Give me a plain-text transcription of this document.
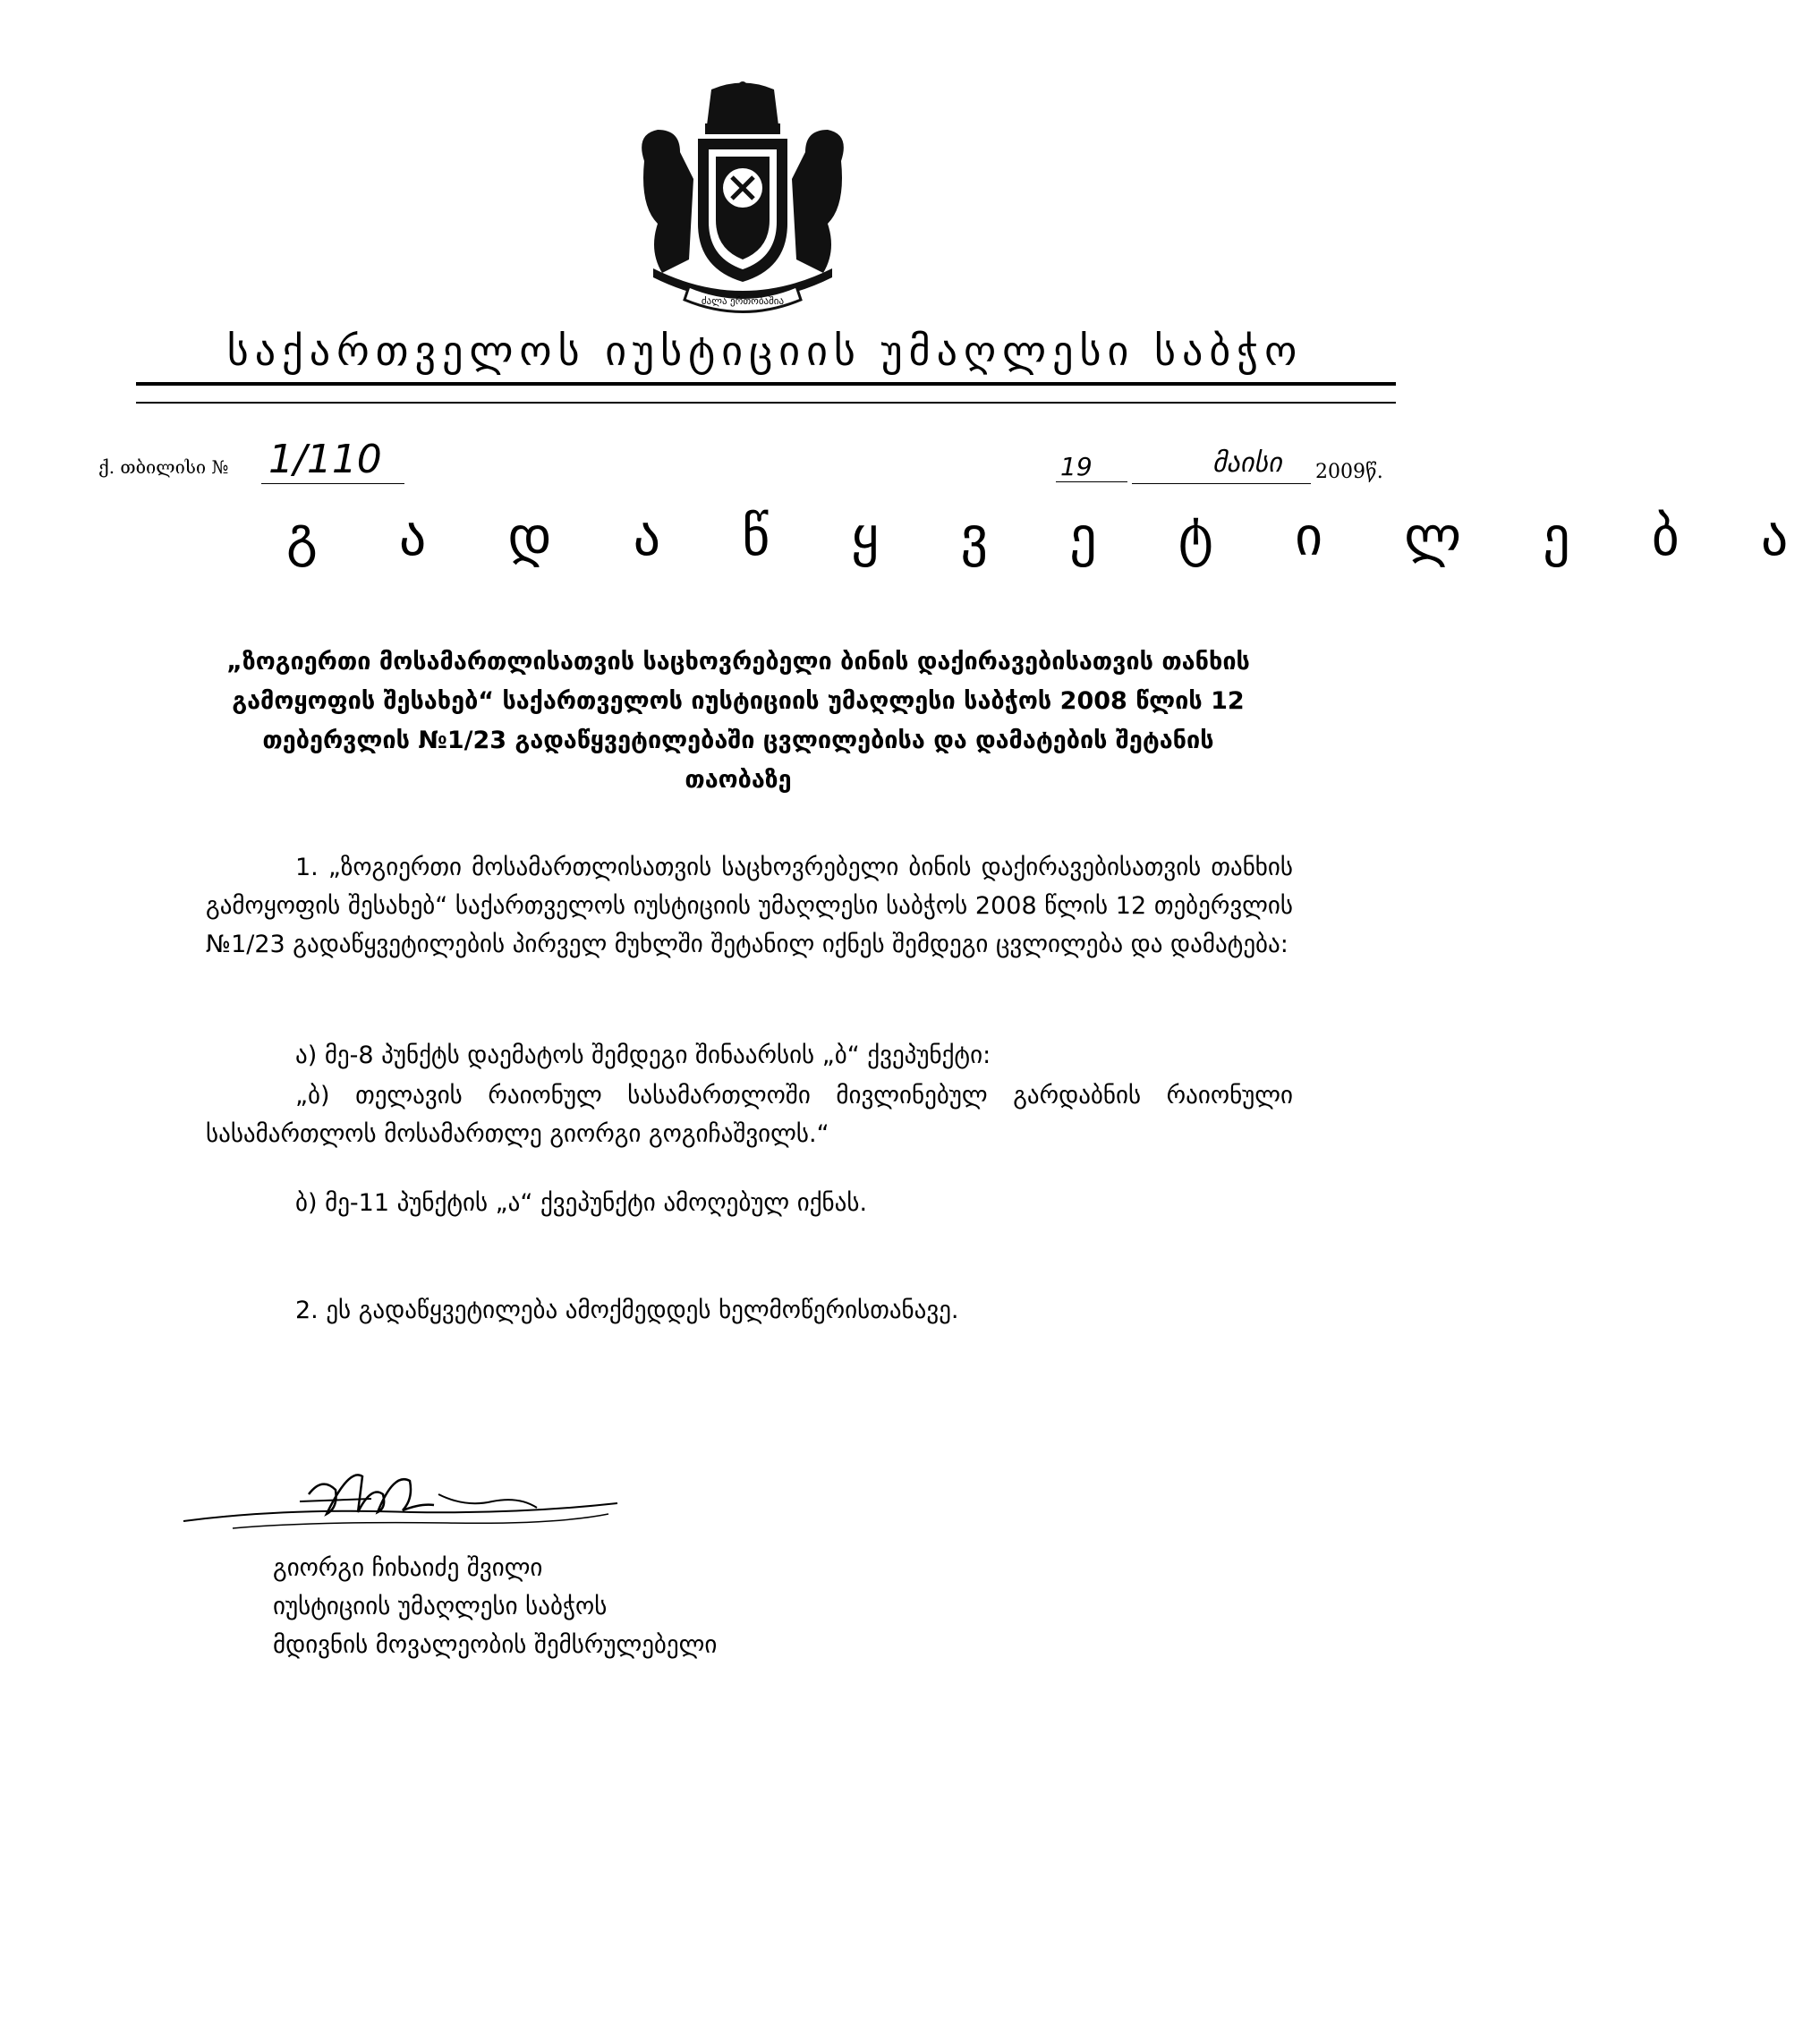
ძალა ერთობაშია
საქართველოს იუსტიციის უმაღლესი საბჭო
ქ. თბილისი № 1/110	19	მაისი 2009წ.
გ ა დ ა წ ყ ვ ე ტ ი ლ ე ბ ა
„ზოგიერთი მოსამართლისათვის საცხოვრებელი ბინის დაქირავებისათვის თანხის გამოყოფის შესახებ“ საქართველოს იუსტიციის უმაღლესი საბჭოს 2008 წლის 12 თებერვლის №1/23 გადაწყვეტილებაში ცვლილებისა და დამატების შეტანის თაობაზე
1. „ზოგიერთი მოსამართლისათვის საცხოვრებელი ბინის დაქირავებისათვის თანხის გამოყოფის შესახებ“ საქართველოს იუსტიციის უმაღლესი საბჭოს 2008 წლის 12 თებერვლის №1/23 გადაწყვეტილების პირველ მუხლში შეტანილ იქნეს შემდეგი ცვლილება და დამატება:
ა) მე-8 პუნქტს დაემატოს შემდეგი შინაარსის „ბ“ ქვეპუნქტი:
„ბ) თელავის რაიონულ სასამართლოში მივლინებულ გარდაბნის რაიონული სასამართლოს მოსამართლე გიორგი გოგიჩაშვილს.“
ბ) მე-11 პუნქტის „ა“ ქვეპუნქტი ამოღებულ იქნას.
2. ეს გადაწყვეტილება ამოქმედდეს ხელმოწერისთანავე.
გიორგი ჩიხაიძე შვილი
იუსტიციის უმაღლესი საბჭოს
მდივნის მოვალეობის შემსრულებელი
